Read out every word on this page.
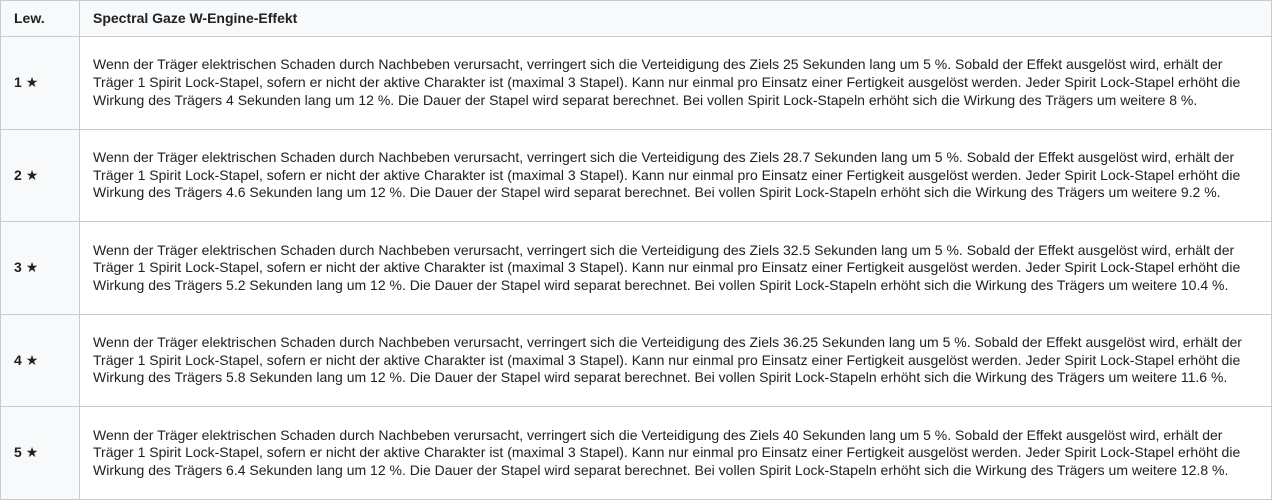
Lew.	Spectral Gaze W-Engine-Effekt
1 ★	Wenn der Träger elektrischen Schaden durch Nachbeben verursacht, verringert sich die Verteidigung des Ziels 25 Sekunden lang um 5 %. Sobald der Effekt ausgelöst wird, erhält der Träger 1 Spirit Lock-Stapel, sofern er nicht der aktive Charakter ist (maximal 3 Stapel). Kann nur einmal pro Einsatz einer Fertigkeit ausgelöst werden. Jeder Spirit Lock-Stapel erhöht die Wirkung des Trägers 4 Sekunden lang um 12 %. Die Dauer der Stapel wird separat berechnet. Bei vollen Spirit Lock-Stapeln erhöht sich die Wirkung des Trägers um weitere 8 %.
2 ★	Wenn der Träger elektrischen Schaden durch Nachbeben verursacht, verringert sich die Verteidigung des Ziels 28.7 Sekunden lang um 5 %. Sobald der Effekt ausgelöst wird, erhält der Träger 1 Spirit Lock-Stapel, sofern er nicht der aktive Charakter ist (maximal 3 Stapel). Kann nur einmal pro Einsatz einer Fertigkeit ausgelöst werden. Jeder Spirit Lock-Stapel erhöht die Wirkung des Trägers 4.6 Sekunden lang um 12 %. Die Dauer der Stapel wird separat berechnet. Bei vollen Spirit Lock-Stapeln erhöht sich die Wirkung des Trägers um weitere 9.2 %.
3 ★	Wenn der Träger elektrischen Schaden durch Nachbeben verursacht, verringert sich die Verteidigung des Ziels 32.5 Sekunden lang um 5 %. Sobald der Effekt ausgelöst wird, erhält der Träger 1 Spirit Lock-Stapel, sofern er nicht der aktive Charakter ist (maximal 3 Stapel). Kann nur einmal pro Einsatz einer Fertigkeit ausgelöst werden. Jeder Spirit Lock-Stapel erhöht die Wirkung des Trägers 5.2 Sekunden lang um 12 %. Die Dauer der Stapel wird separat berechnet. Bei vollen Spirit Lock-Stapeln erhöht sich die Wirkung des Trägers um weitere 10.4 %.
4 ★	Wenn der Träger elektrischen Schaden durch Nachbeben verursacht, verringert sich die Verteidigung des Ziels 36.25 Sekunden lang um 5 %. Sobald der Effekt ausgelöst wird, erhält der Träger 1 Spirit Lock-Stapel, sofern er nicht der aktive Charakter ist (maximal 3 Stapel). Kann nur einmal pro Einsatz einer Fertigkeit ausgelöst werden. Jeder Spirit Lock-Stapel erhöht die Wirkung des Trägers 5.8 Sekunden lang um 12 %. Die Dauer der Stapel wird separat berechnet. Bei vollen Spirit Lock-Stapeln erhöht sich die Wirkung des Trägers um weitere 11.6 %.
5 ★	Wenn der Träger elektrischen Schaden durch Nachbeben verursacht, verringert sich die Verteidigung des Ziels 40 Sekunden lang um 5 %. Sobald der Effekt ausgelöst wird, erhält der Träger 1 Spirit Lock-Stapel, sofern er nicht der aktive Charakter ist (maximal 3 Stapel). Kann nur einmal pro Einsatz einer Fertigkeit ausgelöst werden. Jeder Spirit Lock-Stapel erhöht die Wirkung des Trägers 6.4 Sekunden lang um 12 %. Die Dauer der Stapel wird separat berechnet. Bei vollen Spirit Lock-Stapeln erhöht sich die Wirkung des Trägers um weitere 12.8 %.
